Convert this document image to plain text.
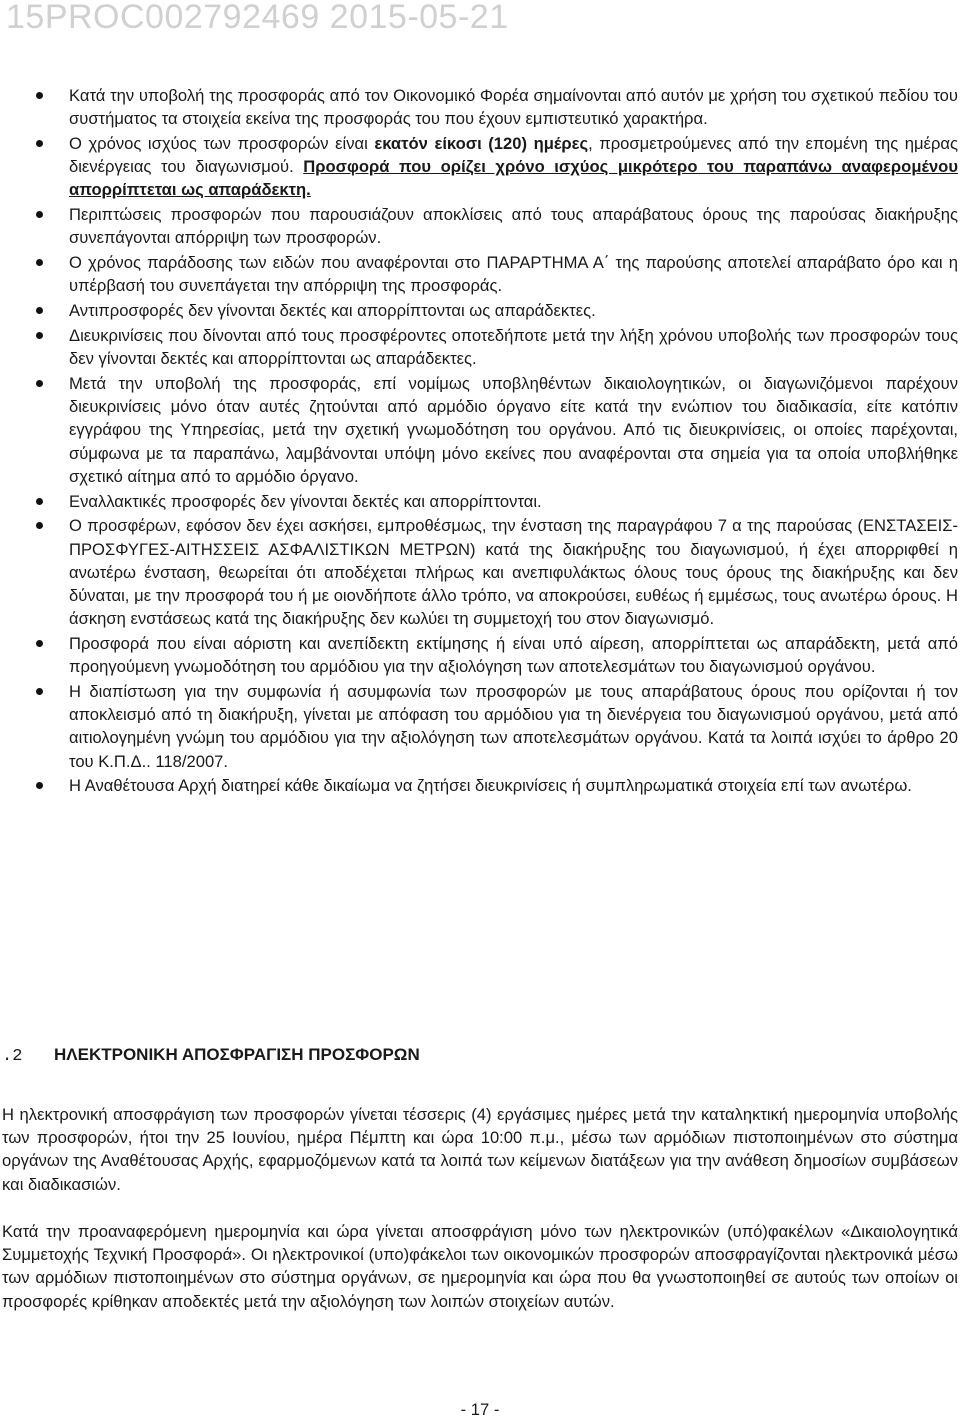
15PROC002792469 2015-05-21
Κατά την υποβολή της προσφοράς από τον Οικονομικό Φορέα σημαίνονται από αυτόν με χρήση του σχετικού πεδίου του συστήματος τα στοιχεία εκείνα της προσφοράς του που έχουν εμπιστευτικό χαρακτήρα.
Ο χρόνος ισχύος των προσφορών είναι εκατόν είκοσι (120) ημέρες, προσμετρούμενες από την επομένη της ημέρας διενέργειας του διαγωνισμού. Προσφορά που ορίζει χρόνο ισχύος μικρότερο του παραπάνω αναφερομένου απορρίπτεται ως απαράδεκτη.
Περιπτώσεις προσφορών που παρουσιάζουν αποκλίσεις από τους απαράβατους όρους της παρούσας διακήρυξης συνεπάγονται απόρριψη των προσφορών.
Ο χρόνος παράδοσης των ειδών που αναφέρονται στο ΠΑΡΑΡΤΗΜΑ Α΄ της παρούσης αποτελεί απαράβατο όρο και η υπέρβασή του συνεπάγεται την απόρριψη της προσφοράς.
Αντιπροσφορές δεν γίνονται δεκτές και απορρίπτονται ως απαράδεκτες.
Διευκρινίσεις που δίνονται από τους προσφέροντες οποτεδήποτε μετά την λήξη χρόνου υποβολής των προσφορών τους δεν γίνονται δεκτές και απορρίπτονται ως απαράδεκτες.
Μετά την υποβολή της προσφοράς, επί νομίμως υποβληθέντων δικαιολογητικών, οι διαγωνιζόμενοι παρέχουν διευκρινίσεις μόνο όταν αυτές ζητούνται από αρμόδιο όργανο είτε κατά την ενώπιον του διαδικασία, είτε κατόπιν εγγράφου της Υπηρεσίας, μετά την σχετική γνωμοδότηση του οργάνου. Από τις διευκρινίσεις, οι οποίες παρέχονται, σύμφωνα με τα παραπάνω, λαμβάνονται υπόψη μόνο εκείνες που αναφέρονται στα σημεία για τα οποία υποβλήθηκε σχετικό αίτημα από το αρμόδιο όργανο.
Εναλλακτικές προσφορές δεν γίνονται δεκτές και απορρίπτονται.
Ο προσφέρων, εφόσον δεν έχει ασκήσει, εμπροθέσμως, την ένσταση της παραγράφου 7 α της παρούσας (ΕΝΣΤΑΣΕΙΣ-ΠΡΟΣΦΥΓΕΣ-ΑΙΤΗΣΣΕΙΣ ΑΣΦΑΛΙΣΤΙΚΩΝ ΜΕΤΡΩΝ) κατά της διακήρυξης του διαγωνισμού, ή έχει απορριφθεί η ανωτέρω ένσταση, θεωρείται ότι αποδέχεται πλήρως και ανεπιφυλάκτως όλους τους όρους της διακήρυξης και δεν δύναται, με την προσφορά του ή με οιονδήποτε άλλο τρόπο, να αποκρούσει, ευθέως ή εμμέσως, τους ανωτέρω όρους. Η άσκηση ενστάσεως κατά της διακήρυξης δεν κωλύει τη συμμετοχή του στον διαγωνισμό.
Προσφορά που είναι αόριστη και ανεπίδεκτη εκτίμησης ή είναι υπό αίρεση, απορρίπτεται ως απαράδεκτη, μετά από προηγούμενη γνωμοδότηση του αρμόδιου για την αξιολόγηση των αποτελεσμάτων του διαγωνισμού οργάνου.
Η διαπίστωση για την συμφωνία ή ασυμφωνία των προσφορών με τους απαράβατους όρους που ορίζονται ή τον αποκλεισμό από τη διακήρυξη, γίνεται με απόφαση του αρμόδιου για τη διενέργεια του διαγωνισμού οργάνου, μετά από αιτιολογημένη γνώμη του αρμόδιου για την αξιολόγηση των αποτελεσμάτων οργάνου. Κατά τα λοιπά ισχύει το άρθρο 20 του Κ.Π.Δ.. 118/2007.
Η Αναθέτουσα Αρχή διατηρεί κάθε δικαίωμα να ζητήσει διευκρινίσεις ή συμπληρωματικά στοιχεία επί των ανωτέρω.
.2 ΗΛΕΚΤΡΟΝΙΚΗ ΑΠΟΣΦΡΑΓΙΣΗ ΠΡΟΣΦΟΡΩΝ

Η ηλεκτρονική αποσφράγιση των προσφορών γίνεται τέσσερις (4) εργάσιμες ημέρες μετά την καταληκτική ημερομηνία υποβολής των προσφορών, ήτοι την 25 Ιουνίου, ημέρα Πέμπτη και ώρα 10:00 π.μ., μέσω των αρμόδιων πιστοποιημένων στο σύστημα οργάνων της Αναθέτουσας Αρχής, εφαρμοζόμενων κατά τα λοιπά των κείμενων διατάξεων για την ανάθεση δημοσίων συμβάσεων και διαδικασιών.

Κατά την προαναφερόμενη ημερομηνία και ώρα γίνεται αποσφράγιση μόνο των ηλεκτρονικών (υπό)φακέλων «Δικαιολογητικά Συμμετοχής Τεχνική Προσφορά». Οι ηλεκτρονικοί (υπο)φάκελοι των οικονομικών προσφορών αποσφραγίζονται ηλεκτρονικά μέσω των αρμόδιων πιστοποιημένων στο σύστημα οργάνων, σε ημερομηνία και ώρα που θα γνωστοποιηθεί σε αυτούς των οποίων οι προσφορές κρίθηκαν αποδεκτές μετά την αξιολόγηση των λοιπών στοιχείων αυτών.

- 17 -
